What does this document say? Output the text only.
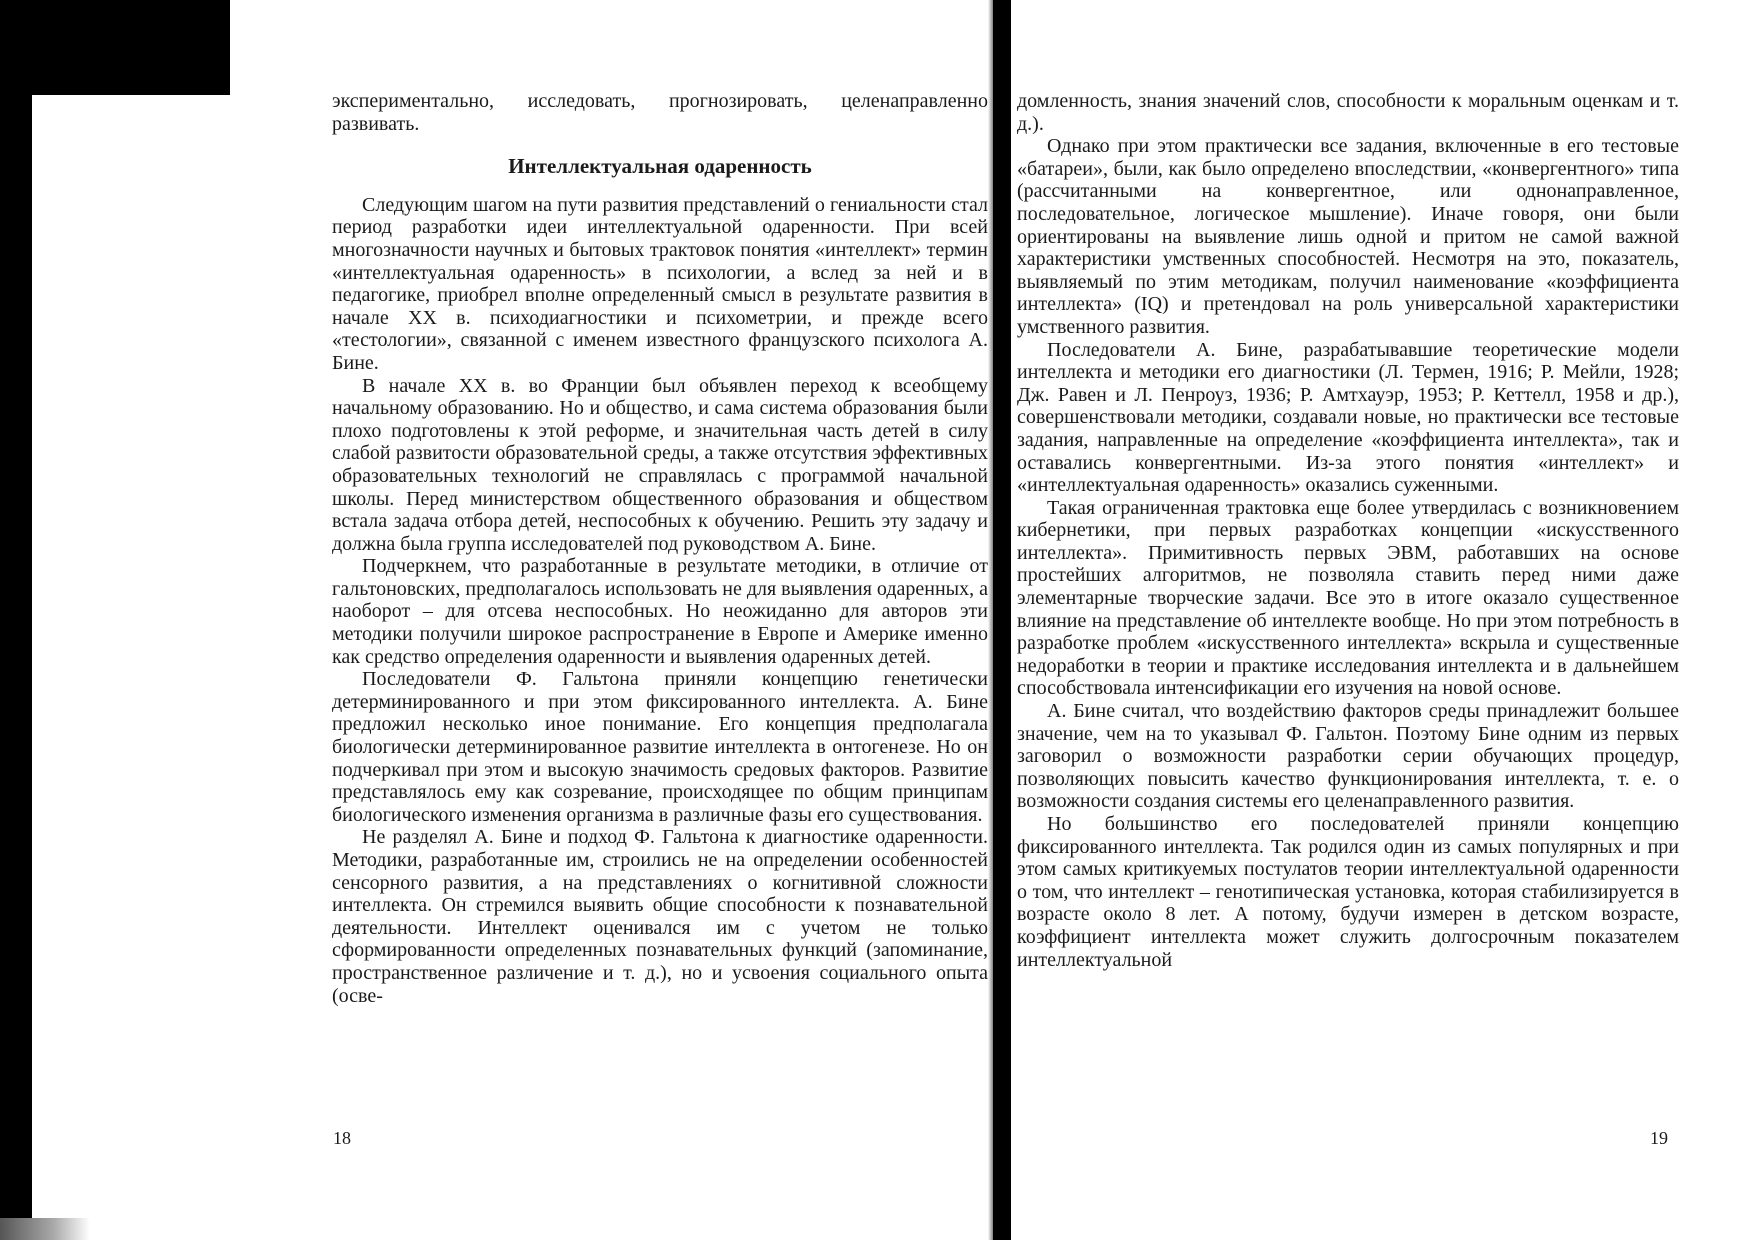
экспериментально, исследовать, прогнозировать, целенаправленно развивать.

Интеллектуальная одаренность

Следующим шагом на пути развития представлений о гениальности стал период разработки идеи интеллектуальной одаренности. При всей многозначности научных и бытовых трактовок понятия «интеллект» термин «интеллектуальная одаренность» в психологии, а вслед за ней и в педагогике, приобрел вполне определенный смысл в результате развития в начале XX в. психодиагностики и психометрии, и прежде всего «тестологии», связанной с именем известного французского психолога А. Бине.

В начале XX в. во Франции был объявлен переход к всеобщему начальному образованию. Но и общество, и сама система образования были плохо подготовлены к этой реформе, и значительная часть детей в силу слабой развитости образовательной среды, а также отсутствия эффективных образовательных технологий не справлялась с программой начальной школы. Перед министерством общественного образования и обществом встала задача отбора детей, неспособных к обучению. Решить эту задачу и должна была группа исследователей под руководством А. Бине.

Подчеркнем, что разработанные в результате методики, в отличие от гальтоновских, предполагалось использовать не для выявления одаренных, а наоборот – для отсева неспособных. Но неожиданно для авторов эти методики получили широкое распространение в Европе и Америке именно как средство определения одаренности и выявления одаренных детей.

Последователи Ф. Гальтона приняли концепцию генетически детерминированного и при этом фиксированного интеллекта. А. Бине предложил несколько иное понимание. Его концепция предполагала биологически детерминированное развитие интеллекта в онтогенезе. Но он подчеркивал при этом и высокую значимость средовых факторов. Развитие представлялось ему как созревание, происходящее по общим принципам биологического изменения организма в различные фазы его существования.

Не разделял А. Бине и подход Ф. Гальтона к диагностике одаренности. Методики, разработанные им, строились не на определении особенностей сенсорного развития, а на представлениях о когнитивной сложности интеллекта. Он стремился выявить общие способности к познавательной деятельности. Интеллект оценивался им с учетом не только сформированности определенных познавательных функций (запоминание, пространственное различение и т. д.), но и усвоения социального опыта (осве-

домленность, знания значений слов, способности к моральным оценкам и т. д.).

Однако при этом практически все задания, включенные в его тестовые «батареи», были, как было определено впоследствии, «конвергентного» типа (рассчитанными на конвергентное, или однонаправленное, последовательное, логическое мышление). Иначе говоря, они были ориентированы на выявление лишь одной и притом не самой важной характеристики умственных способностей. Несмотря на это, показатель, выявляемый по этим методикам, получил наименование «коэффициента интеллекта» (IQ) и претендовал на роль универсальной характеристики умственного развития.

Последователи А. Бине, разрабатывавшие теоретические модели интеллекта и методики его диагностики (Л. Термен, 1916; Р. Мейли, 1928; Дж. Равен и Л. Пенроуз, 1936; Р. Амтхауэр, 1953; Р. Кеттелл, 1958 и др.), совершенствовали методики, создавали новые, но практически все тестовые задания, направленные на определение «коэффициента интеллекта», так и оставались конвергентными. Из-за этого понятия «интеллект» и «интеллектуальная одаренность» оказались суженными.

Такая ограниченная трактовка еще более утвердилась с возникновением кибернетики, при первых разработках концепции «искусственного интеллекта». Примитивность первых ЭВМ, работавших на основе простейших алгоритмов, не позволяла ставить перед ними даже элементарные творческие задачи. Все это в итоге оказало существенное влияние на представление об интеллекте вообще. Но при этом потребность в разработке проблем «искусственного интеллекта» вскрыла и существенные недоработки в теории и практике исследования интеллекта и в дальнейшем способствовала интенсификации его изучения на новой основе.

А. Бине считал, что воздействию факторов среды принадлежит большее значение, чем на то указывал Ф. Гальтон. Поэтому Бине одним из первых заговорил о возможности разработки серии обучающих процедур, позволяющих повысить качество функционирования интеллекта, т. е. о возможности создания системы его целенаправленного развития.

Но большинство его последователей приняли концепцию фиксированного интеллекта. Так родился один из самых популярных и при этом самых критикуемых постулатов теории интеллектуальной одаренности о том, что интеллект – генотипическая установка, которая стабилизируется в возрасте около 8 лет. А потому, будучи измерен в детском возрасте, коэффициент интеллекта может служить долгосрочным показателем интеллектуальной

18	19
